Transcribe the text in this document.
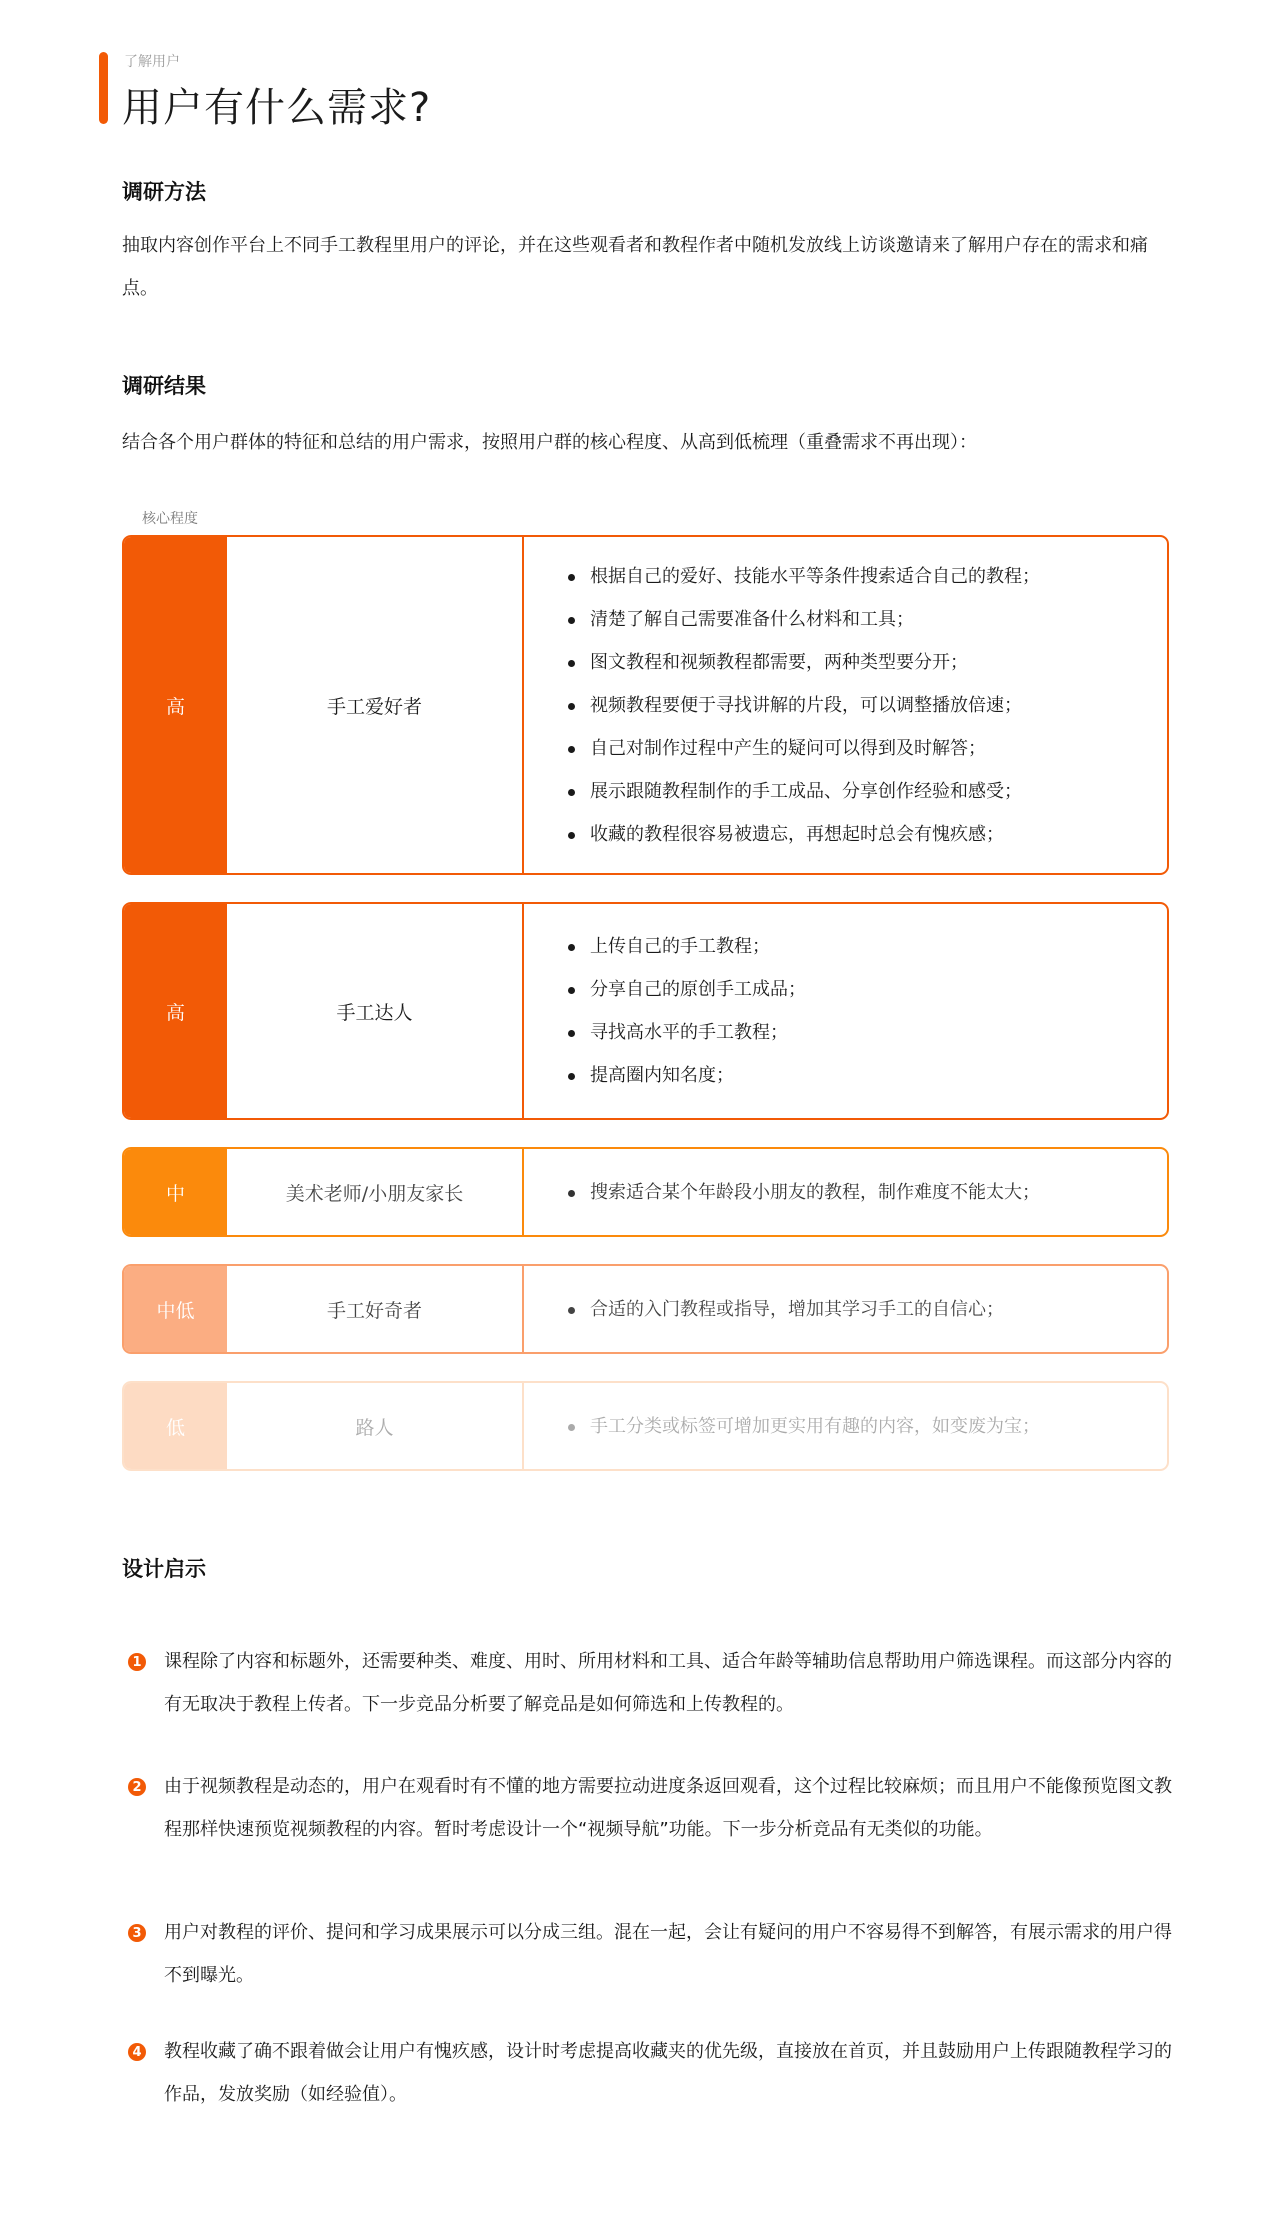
了解用户
用户有什么需求?
调研方法
抽取内容创作平台上不同手工教程里用户的评论，并在这些观看者和教程作者中随机发放线上访谈邀请来了解用户存在的需求和痛点。
调研结果
结合各个用户群体的特征和总结的用户需求，按照用户群的核心程度、从高到低梳理（重叠需求不再出现）：
核心程度
高	手工爱好者
根据自己的爱好、技能水平等条件搜索适合自己的教程；
清楚了解自己需要准备什么材料和工具；
图文教程和视频教程都需要，两种类型要分开；
视频教程要便于寻找讲解的片段，可以调整播放倍速；
自己对制作过程中产生的疑问可以得到及时解答；
展示跟随教程制作的手工成品、分享创作经验和感受；
收藏的教程很容易被遗忘，再想起时总会有愧疚感；
高	手工达人
上传自己的手工教程；
分享自己的原创手工成品；
寻找高水平的手工教程；
提高圈内知名度；
中	美术老师/小朋友家长	搜索适合某个年龄段小朋友的教程，制作难度不能太大；
中低	手工好奇者	合适的入门教程或指导，增加其学习手工的自信心；
低	路人	手工分类或标签可增加更实用有趣的内容，如变废为宝；
设计启示
1 课程除了内容和标题外，还需要种类、难度、用时、所用材料和工具、适合年龄等辅助信息帮助用户筛选课程。而这部分内容的有无取决于教程上传者。下一步竞品分析要了解竞品是如何筛选和上传教程的。
2 由于视频教程是动态的，用户在观看时有不懂的地方需要拉动进度条返回观看，这个过程比较麻烦；而且用户不能像预览图文教程那样快速预览视频教程的内容。暂时考虑设计一个“视频导航”功能。下一步分析竞品有无类似的功能。
3 用户对教程的评价、提问和学习成果展示可以分成三组。混在一起，会让有疑问的用户不容易得不到解答，有展示需求的用户得不到曝光。
4 教程收藏了确不跟着做会让用户有愧疚感，设计时考虑提高收藏夹的优先级，直接放在首页，并且鼓励用户上传跟随教程学习的作品，发放奖励（如经验值）。
